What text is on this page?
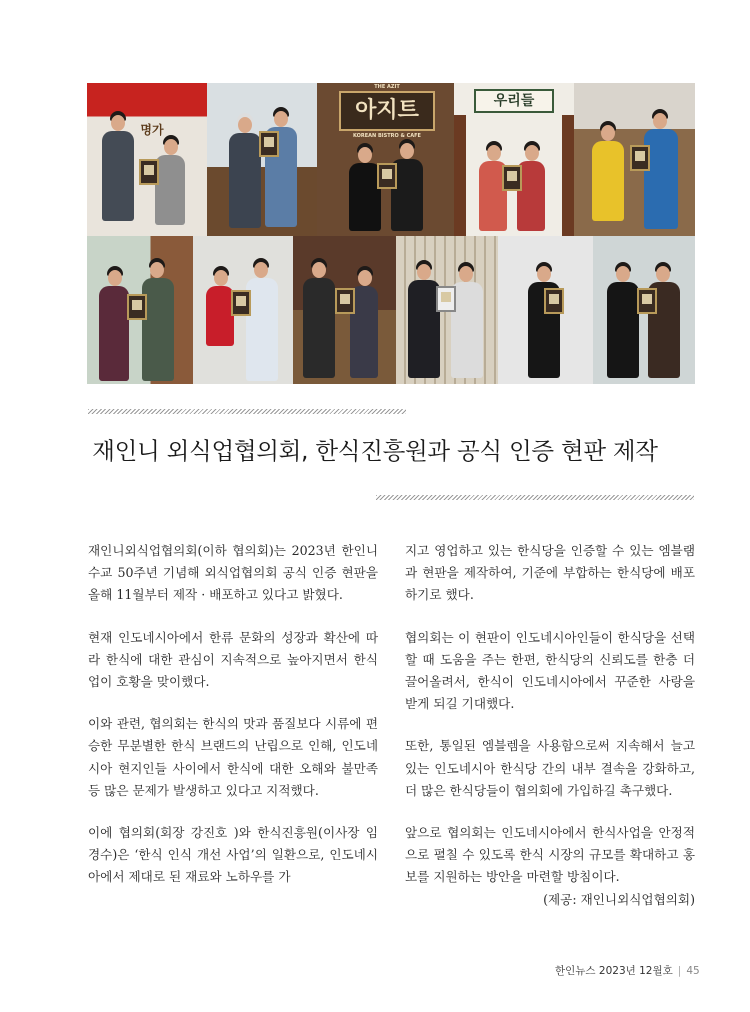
명가
아지트
THE AZIT
KOREAN BISTRO & CAFE
우리들
재인니 외식업협의회, 한식진흥원과 공식 인증 현판 제작

재인니외식업협의회(이하 협의회)는 2023년 한인니 수교 50주년 기념해 외식업협의회 공식 인증 현판을 올해 11월부터 제작 · 배포하고 있다고 밝혔다.

현재 인도네시아에서 한류 문화의 성장과 확산에 따라 한식에 대한 관심이 지속적으로 높아지면서 한식업이 호황을 맞이했다.

이와 관련, 협의회는 한식의 맛과 품질보다 시류에 편승한 무분별한 한식 브랜드의 난립으로 인해, 인도네시아 현지인들 사이에서 한식에 대한 오해와 불만족 등 많은 문제가 발생하고 있다고 지적했다.

이에 협의회(회장 강진호 )와 한식진흥원(이사장 임경수)은 ‘한식 인식 개선 사업’의 일환으로, 인도네시아에서 제대로 된 재료와 노하우를 가

지고 영업하고 있는 한식당을 인증할 수 있는 엠블램과 현판을 제작하여, 기준에 부합하는 한식당에 배포하기로 했다.

협의회는 이 현판이 인도네시아인들이 한식당을 선택할 때 도움을 주는 한편, 한식당의 신뢰도를 한층 더 끌어올려서, 한식이 인도네시아에서 꾸준한 사랑을 받게 되길 기대했다.

또한, 통일된 엠블렘을 사용함으로써 지속해서 늘고 있는 인도네시아 한식당 간의 내부 결속을 강화하고, 더 많은 한식당들이 협의회에 가입하길 촉구했다.

앞으로 협의회는 인도네시아에서 한식사업을 안정적으로 펼칠 수 있도록 한식 시장의 규모를 확대하고 홍보를 지원하는 방안을 마련할 방침이다.

(제공: 재인니외식업협의회)

한인뉴스 2023년 12월호 | 45
